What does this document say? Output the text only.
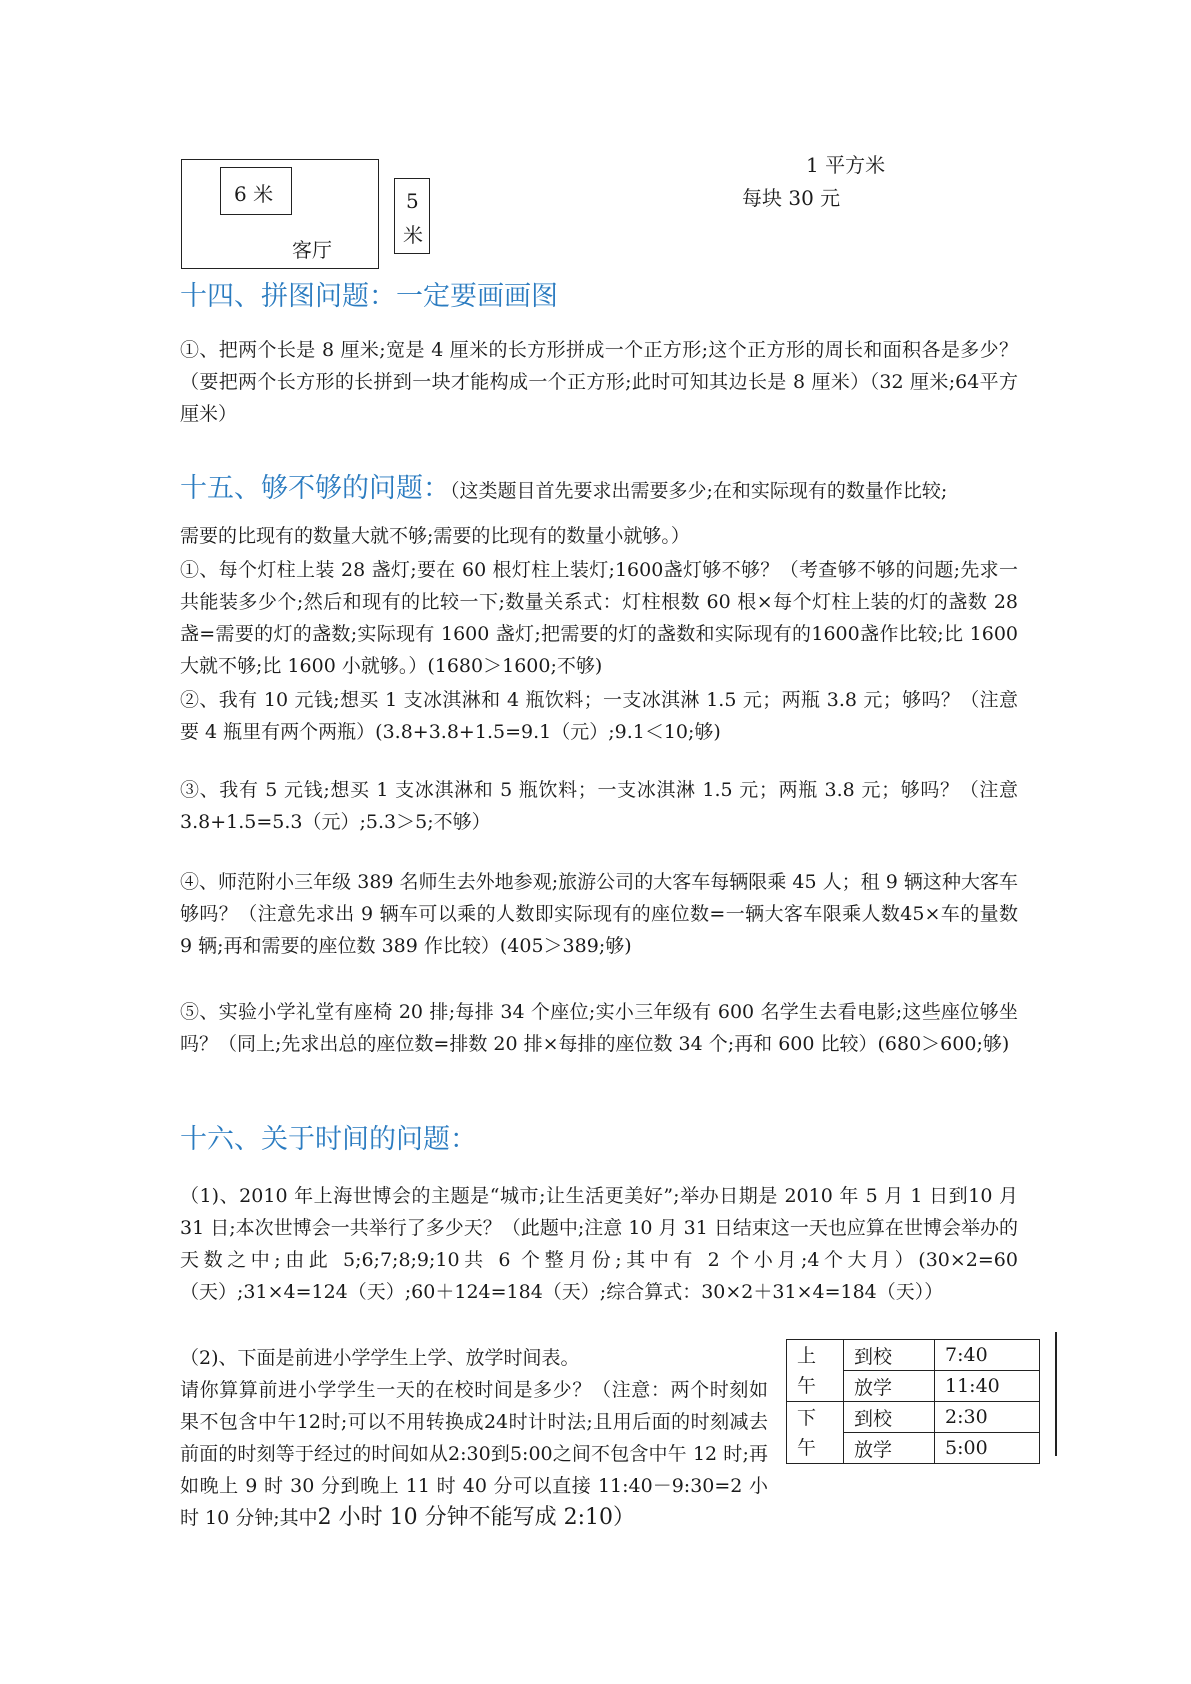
6 米
客厅
5
米
1 平方米
每块 30 元
十四、拼图问题：一定要画画图

①、把两个长是 8 厘米;宽是 4 厘米的长方形拼成一个正方形;这个正方形的周长和面积各是多少？（要把两个长方形的长拼到一块才能构成一个正方形;此时可知其边长是 8 厘米）（32 厘米;64平方厘米）

十五、够不够的问题：（这类题目首先要求出需要多少;在和实际现有的数量作比较;

需要的比现有的数量大就不够;需要的比现有的数量小就够。）

①、每个灯柱上装 28 盏灯;要在 60 根灯柱上装灯;1600盏灯够不够？（考查够不够的问题;先求一共能装多少个;然后和现有的比较一下;数量关系式：灯柱根数 60 根×每个灯柱上装的灯的盏数 28 盏=需要的灯的盏数;实际现有 1600 盏灯;把需要的灯的盏数和实际现有的1600盏作比较;比 1600 大就不够;比 1600 小就够。）(1680＞1600;不够)

②、我有 10 元钱;想买 1 支冰淇淋和 4 瓶饮料；一支冰淇淋 1.5 元；两瓶 3.8 元；够吗？（注意要 4 瓶里有两个两瓶）(3.8+3.8+1.5=9.1（元）;9.1＜10;够)

③、我有 5 元钱;想买 1 支冰淇淋和 5 瓶饮料；一支冰淇淋 1.5 元；两瓶 3.8 元；够吗？（注意 3.8+1.5=5.3（元）;5.3＞5;不够）

④、师范附小三年级 389 名师生去外地参观;旅游公司的大客车每辆限乘 45 人；租 9 辆这种大客车够吗？（注意先求出 9 辆车可以乘的人数即实际现有的座位数=一辆大客车限乘人数45×车的量数 9 辆;再和需要的座位数 389 作比较）(405＞389;够)

⑤、实验小学礼堂有座椅 20 排;每排 34 个座位;实小三年级有 600 名学生去看电影;这些座位够坐吗？（同上;先求出总的座位数=排数 20 排×每排的座位数 34 个;再和 600 比较）(680＞600;够)

十六、关于时间的问题：

（1)、2010 年上海世博会的主题是“城市;让生活更美好”;举办日期是 2010 年 5 月 1 日到10 月 31 日;本次世博会一共举行了多少天？（此题中;注意 10 月 31 日结束这一天也应算在世博会举办的天数之中;由此 5;6;7;8;9;10共 6 个整月份;其中有 2 个小月;4个大月）(30×2=60（天）;31×4=124（天）;60＋124=184（天）;综合算式：30×2＋31×4=184（天））

（2)、下面是前进小学学生上学、放学时间表。

请你算算前进小学学生一天的在校时间是多少？（注意：两个时刻如果不包含中午12时;可以不用转换成24时计时法;且用后面的时刻减去前面的时刻等于经过的时间如从2:30到5:00之间不包含中午 12 时;再如晚上 9 时 30 分到晚上 11 时 40 分可以直接 11:40－9:30=2 小时 10 分钟;其中2 小时 10 分钟不能写成 2:10）

上午	到校	7:40
	放学	11:40
下午	到校	2:30
	放学	5:00
